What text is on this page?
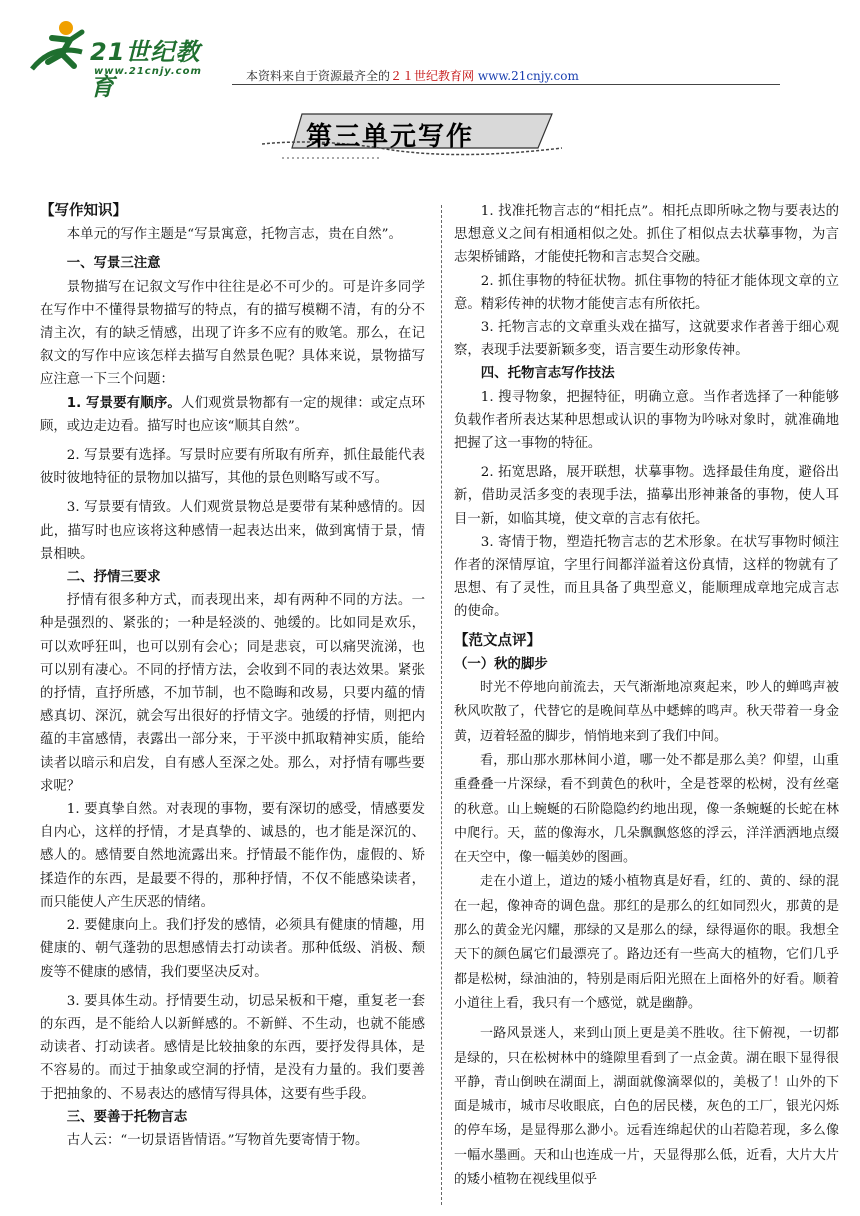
21世纪教育
www.21cnjy.com	本资料来自于资源最齐全的２１世纪教育网 www.21cnjy.com
第三单元写作

【写作知识】

本单元的写作主题是“写景寓意，托物言志，贵在自然”。

一、写景三注意

景物描写在记叙文写作中往往是必不可少的。可是许多同学在写作中不懂得景物描写的特点，有的描写模糊不清，有的分不清主次，有的缺乏情感，出现了许多不应有的败笔。那么，在记叙文的写作中应该怎样去描写自然景色呢？具体来说，景物描写应注意一下三个问题：

1. 写景要有顺序。人们观赏景物都有一定的规律：或定点环顾，或边走边看。描写时也应该“顺其自然”。

2. 写景要有选择。写景时应要有所取有所弃，抓住最能代表彼时彼地特征的景物加以描写，其他的景色则略写或不写。

3. 写景要有情致。人们观赏景物总是要带有某种感情的。因此，描写时也应该将这种感情一起表达出来，做到寓情于景，情景相映。

二、抒情三要求

抒情有很多种方式，而表现出来，却有两种不同的方法。一种是强烈的、紧张的；一种是轻淡的、弛缓的。比如同是欢乐，可以欢呼狂叫，也可以别有会心；同是悲哀，可以痛哭流涕，也可以别有凄心。不同的抒情方法，会收到不同的表达效果。紧张的抒情，直抒所感，不加节制，也不隐晦和改易，只要内蕴的情感真切、深沉，就会写出很好的抒情文字。弛缓的抒情，则把内蕴的丰富感情，表露出一部分来，于平淡中抓取精神实质，能给读者以暗示和启发，自有感人至深之处。那么，对抒情有哪些要求呢？

1. 要真挚自然。对表现的事物，要有深切的感受，情感要发自内心，这样的抒情，才是真挚的、诚恳的，也才能是深沉的、感人的。感情要自然地流露出来。抒情最不能作伪，虚假的、矫揉造作的东西，是最要不得的，那种抒情，不仅不能感染读者，而只能使人产生厌恶的情绪。

2. 要健康向上。我们抒发的感情，必须具有健康的情趣，用健康的、朝气蓬勃的思想感情去打动读者。那种低级、消极、颓废等不健康的感情，我们要坚决反对。

3. 要具体生动。抒情要生动，切忌呆板和干瘪，重复老一套的东西，是不能给人以新鲜感的。不新鲜、不生动，也就不能感动读者、打动读者。感情是比较抽象的东西，要抒发得具体，是不容易的。而过于抽象或空洞的抒情，是没有力量的。我们要善于把抽象的、不易表达的感情写得具体，这要有些手段。

三、要善于托物言志

古人云：“一切景语皆情语。”写物首先要寄情于物。

1. 找准托物言志的“相托点”。相托点即所咏之物与要表达的思想意义之间有相通相似之处。抓住了相似点去状摹事物，为言志架桥铺路，才能使托物和言志契合交融。

2. 抓住事物的特征状物。抓住事物的特征才能体现文章的立意。精彩传神的状物才能使言志有所依托。

3. 托物言志的文章重头戏在描写，这就要求作者善于细心观察，表现手法要新颖多变，语言要生动形象传神。

四、托物言志写作技法

1. 搜寻物象，把握特征，明确立意。当作者选择了一种能够负载作者所表达某种思想或认识的事物为吟咏对象时，就准确地把握了这一事物的特征。

2. 拓宽思路，展开联想，状摹事物。选择最佳角度，避俗出新，借助灵活多变的表现手法，描摹出形神兼备的事物，使人耳目一新，如临其境，使文章的言志有依托。

3. 寄情于物，塑造托物言志的艺术形象。在状写事物时倾注作者的深情厚谊，字里行间都洋溢着这份真情，这样的物就有了思想、有了灵性，而且具备了典型意义，能顺理成章地完成言志的使命。

【范文点评】

（一）秋的脚步

时光不停地向前流去，天气渐渐地凉爽起来，吵人的蝉鸣声被秋风吹散了，代替它的是晚间草丛中蟋蟀的鸣声。秋天带着一身金黄，迈着轻盈的脚步，悄悄地来到了我们中间。

看，那山那水那林间小道，哪一处不都是那么美？仰望，山重重叠叠一片深绿，看不到黄色的秋叶，全是苍翠的松树，没有丝毫的秋意。山上蜿蜒的石阶隐隐约约地出现，像一条蜿蜒的长蛇在林中爬行。天，蓝的像海水，几朵飘飘悠悠的浮云，洋洋洒洒地点缀在天空中，像一幅美妙的图画。

走在小道上，道边的矮小植物真是好看，红的、黄的、绿的混在一起，像神奇的调色盘。那红的是那么的红如同烈火，那黄的是那么的黄金光闪耀，那绿的又是那么的绿，绿得逼你的眼。我想全天下的颜色属它们最漂亮了。路边还有一些高大的植物，它们几乎都是松树，绿油油的，特别是雨后阳光照在上面格外的好看。顺着小道往上看，我只有一个感觉，就是幽静。

一路风景迷人，来到山顶上更是美不胜收。往下俯视，一切都是绿的，只在松树林中的缝隙里看到了一点金黄。湖在眼下显得很平静，青山倒映在湖面上，湖面就像滴翠似的，美极了！山外的下面是城市，城市尽收眼底，白色的居民楼，灰色的工厂，银光闪烁的停车场，是显得那么渺小。远看连绵起伏的山若隐若现，多么像一幅水墨画。天和山也连成一片，天显得那么低，近看，大片大片的矮小植物在视线里似乎
